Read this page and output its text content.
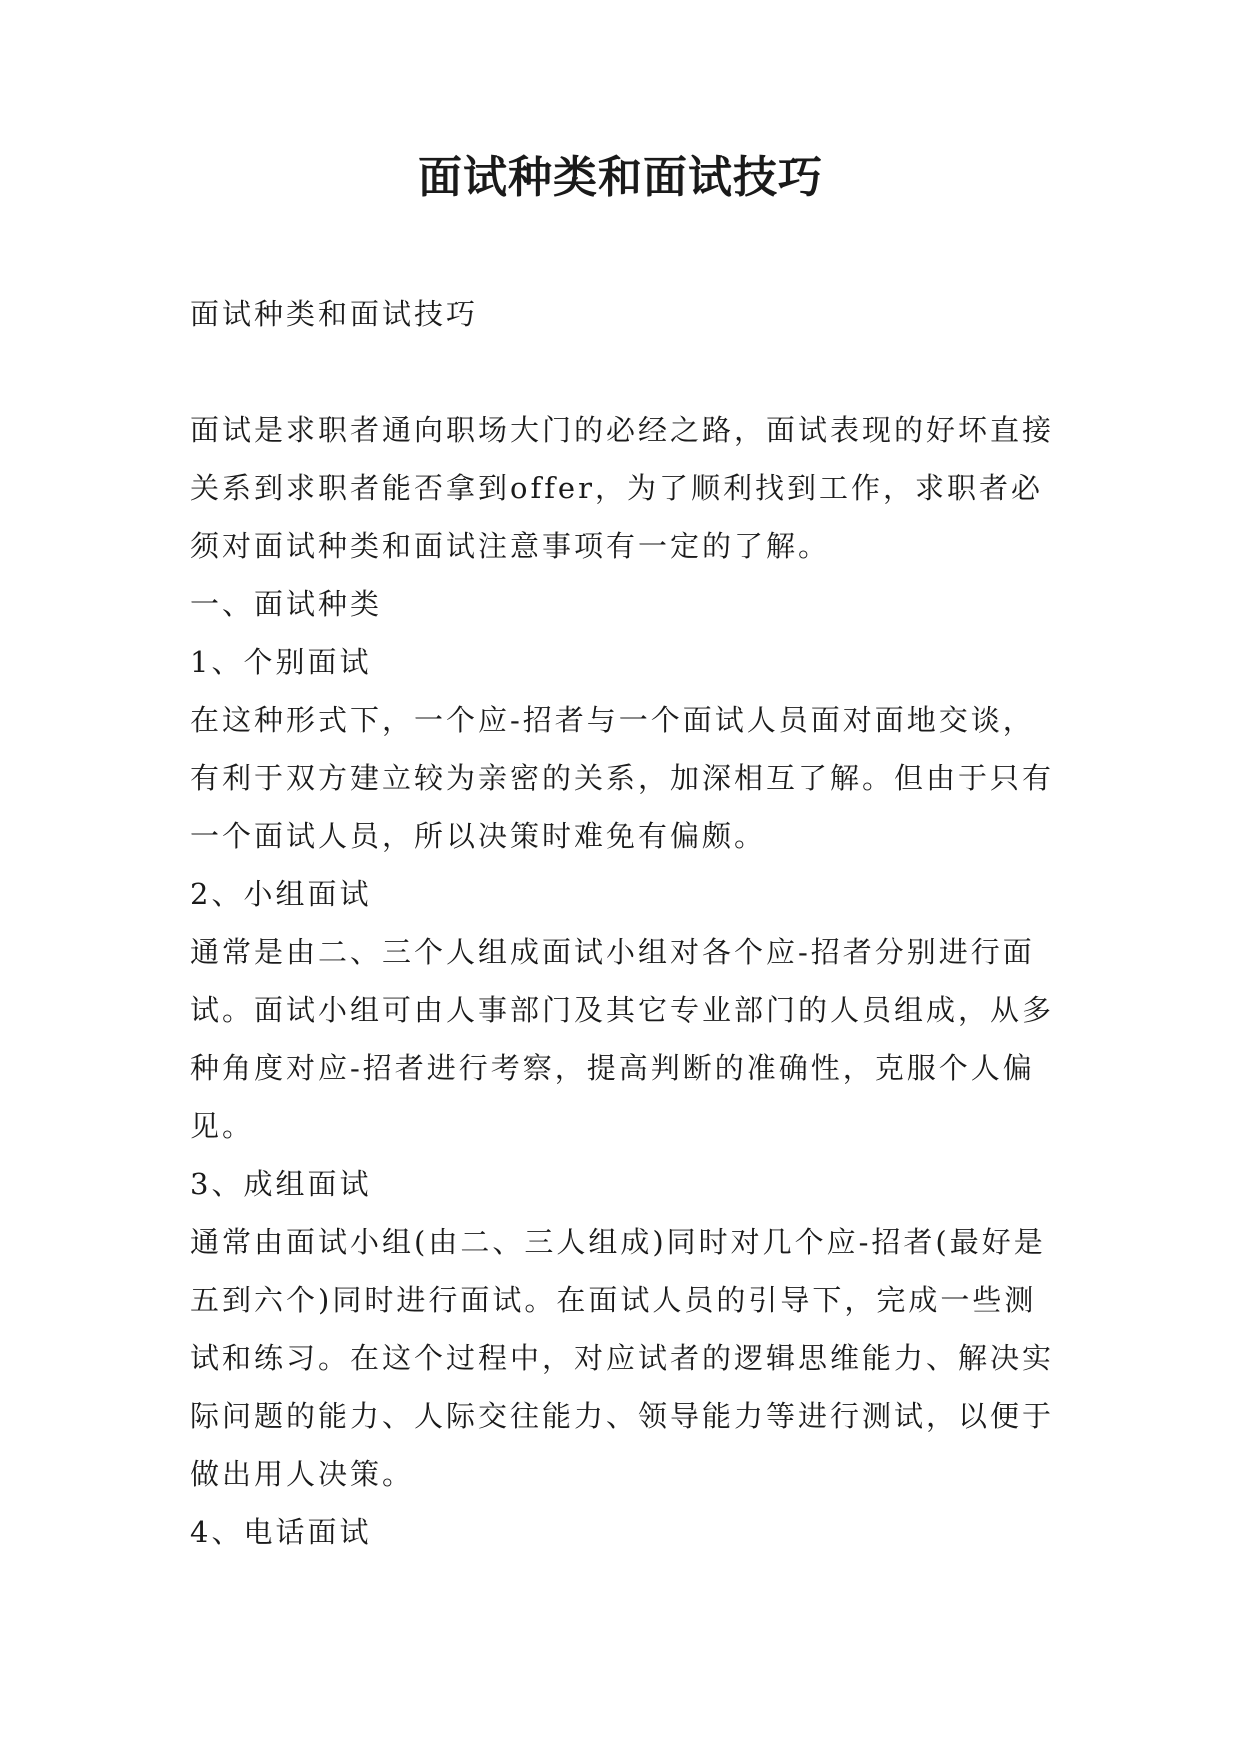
面试种类和面试技巧

面试种类和面试技巧

面试是求职者通向职场大门的必经之路，面试表现的好坏直接关系到求职者能否拿到offer，为了顺利找到工作，求职者必须对面试种类和面试注意事项有一定的了解。

一、面试种类

1、个别面试

在这种形式下，一个应-招者与一个面试人员面对面地交谈，有利于双方建立较为亲密的关系，加深相互了解。但由于只有一个面试人员，所以决策时难免有偏颇。

2、小组面试

通常是由二、三个人组成面试小组对各个应-招者分别进行面试。面试小组可由人事部门及其它专业部门的人员组成，从多种角度对应-招者进行考察，提高判断的准确性，克服个人偏见。

3、成组面试

通常由面试小组(由二、三人组成)同时对几个应-招者(最好是五到六个)同时进行面试。在面试人员的引导下，完成一些测试和练习。在这个过程中，对应试者的逻辑思维能力、解决实际问题的能力、人际交往能力、领导能力等进行测试，以便于做出用人决策。

4、电话面试
